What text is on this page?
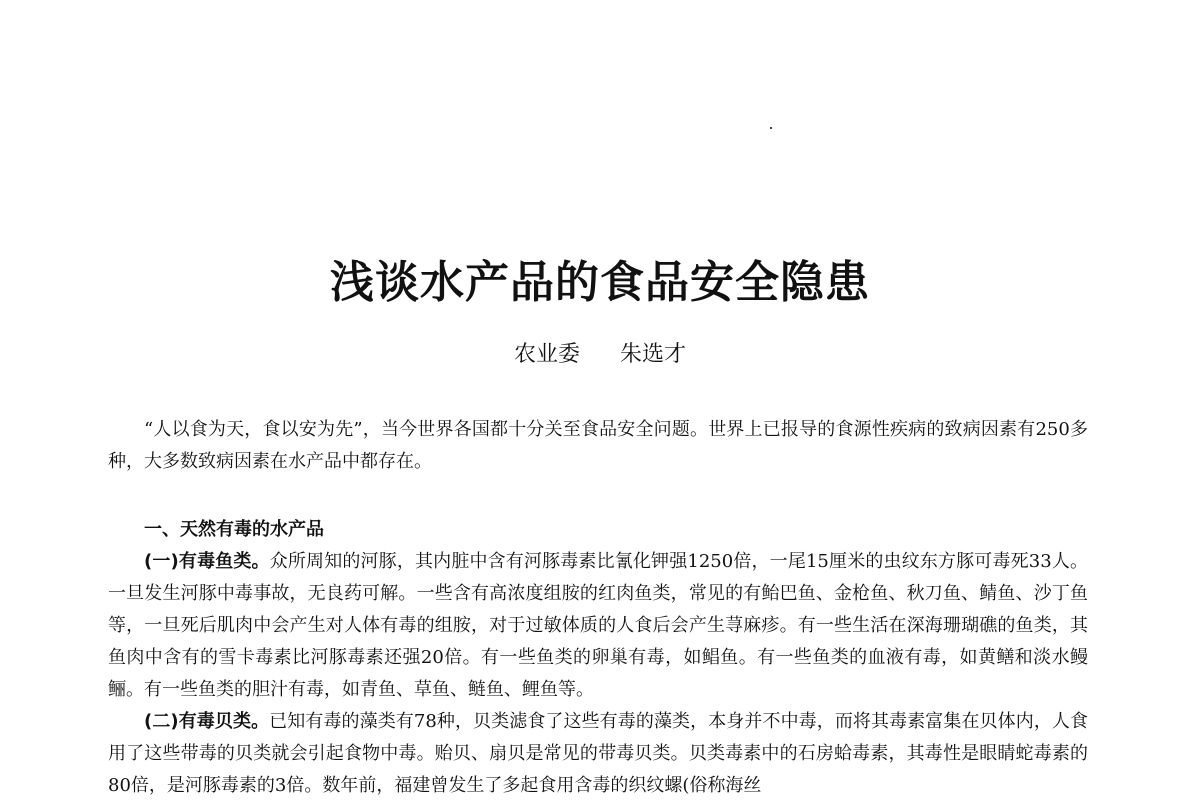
浅谈水产品的食品安全隐患
农业委 朱选才

“人以食为天，食以安为先”，当今世界各国都十分关至食品安全问题。世界上已报导的食源性疾病的致病因素有250多种，大多数致病因素在水产品中都存在。

一、天然有毒的水产品

(一)有毒鱼类。众所周知的河豚，其内脏中含有河豚毒素比氰化钾强1250倍，一尾15厘米的虫纹东方豚可毒死33人。一旦发生河豚中毒事故，无良药可解。一些含有高浓度组胺的红肉鱼类，常见的有鲐巴鱼、金枪鱼、秋刀鱼、鲭鱼、沙丁鱼等，一旦死后肌肉中会产生对人体有毒的组胺，对于过敏体质的人食后会产生荨麻疹。有一些生活在深海珊瑚礁的鱼类，其鱼肉中含有的雪卡毒素比河豚毒素还强20倍。有一些鱼类的卵巢有毒，如鲳鱼。有一些鱼类的血液有毒，如黄鳝和淡水鳗鲡。有一些鱼类的胆汁有毒，如青鱼、草鱼、鲢鱼、鲤鱼等。

(二)有毒贝类。已知有毒的藻类有78种，贝类滤食了这些有毒的藻类，本身并不中毒，而将其毒素富集在贝体内，人食用了这些带毒的贝类就会引起食物中毒。贻贝、扇贝是常见的带毒贝类。贝类毒素中的石房蛤毒素，其毒性是眼睛蛇毒素的80倍，是河豚毒素的3倍。数年前，福建曾发生了多起食用含毒的织纹螺(俗称海丝
